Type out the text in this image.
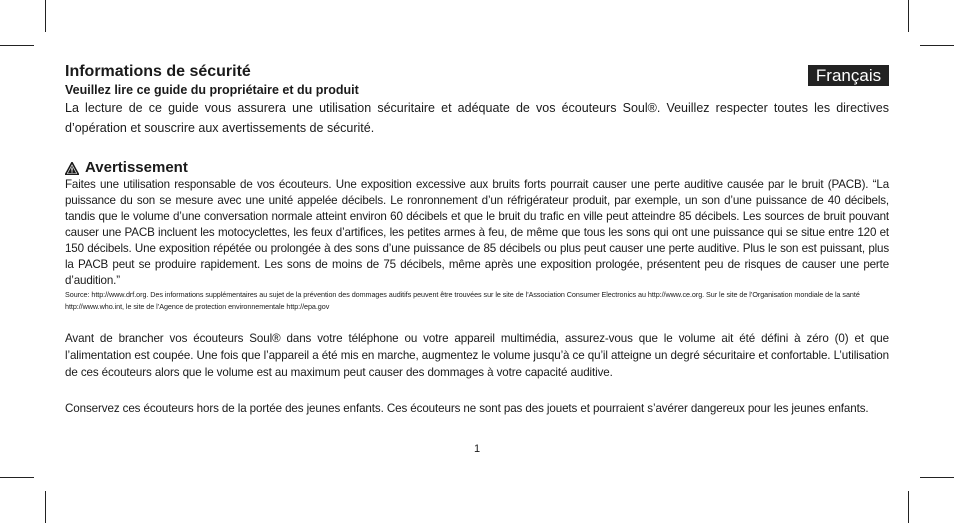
Français
Informations de sécurité

Veuillez lire ce guide du propriétaire et du produit

La lecture de ce guide vous assurera une utilisation sécuritaire et adéquate de vos écouteurs Soul®. Veuillez respecter toutes les directives d’opération et souscrire aux avertissements de sécurité.

Avertissement

Faites une utilisation responsable de vos écouteurs. Une exposition excessive aux bruits forts pourrait causer une perte auditive causée par le bruit (PACB). “La puissance du son se mesure avec une unité appelée décibels. Le ronronnement d’un réfrigérateur produit, par exemple, un son d’une puissance de 40 décibels, tandis que le volume d’une conversation normale atteint environ 60 décibels et que le bruit du trafic en ville peut atteindre 85 décibels. Les sources de bruit pouvant causer une PACB incluent les motocyclettes, les feux d’artifices, les petites armes à feu, de même que tous les sons qui ont une puissance qui se situe entre 120 et 150 décibels. Une exposition répétée ou prolongée à des sons d’une puissance de 85 décibels ou plus peut causer une perte auditive. Plus le son est puissant, plus la PACB peut se produire rapidement. Les sons de moins de 75 décibels, même après une exposition prologée, présentent peu de risques de causer une perte d’audition.”

Source: http://www.drf.org. Des informations supplémentaires au sujet de la prévention des dommages auditifs peuvent être trouvées sur le site de l’Association Consumer Electronics au http://www.ce.org. Sur le site de l’Organisation mondiale de la santé http://www.who.int, le site de l’Agence de protection environnementale http://epa.gov

Avant de brancher vos écouteurs Soul® dans votre téléphone ou votre appareil multimédia, assurez-vous que le volume ait été défini à zéro (0) et que l’alimentation est coupée. Une fois que l’appareil a été mis en marche, augmentez le volume jusqu’à ce qu’il atteigne un degré sécuritaire et confortable. L’utilisation de ces écouteurs alors que le volume est au maximum peut causer des dommages à votre capacité auditive.

Conservez ces écouteurs hors de la portée des jeunes enfants. Ces écouteurs ne sont pas des jouets et pourraient s’avérer dangereux pour les jeunes enfants.

1
